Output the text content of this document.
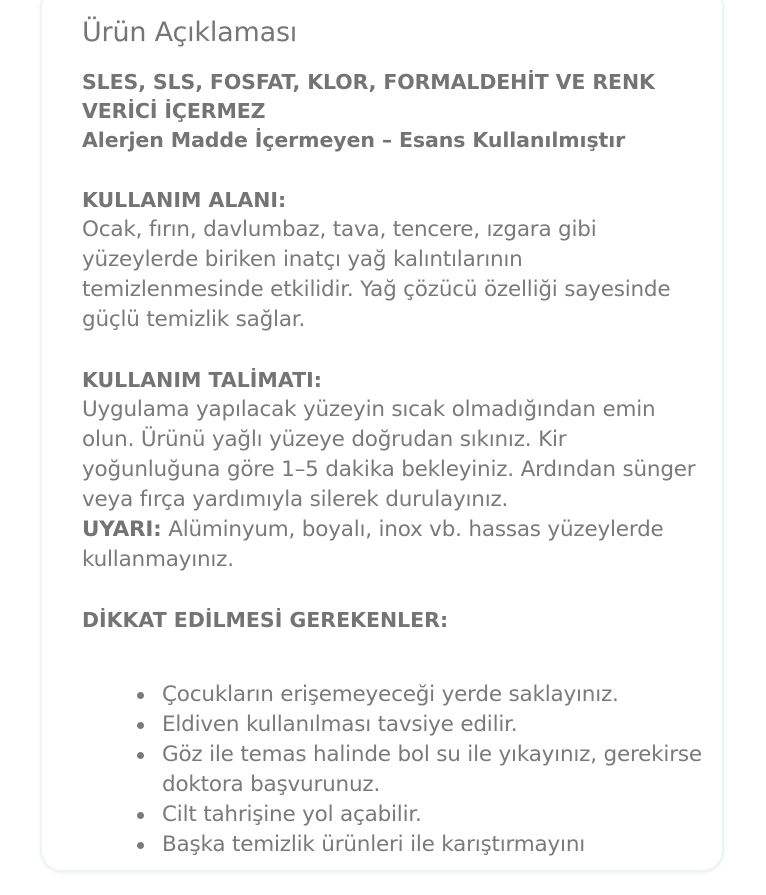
Ürün Açıklaması
SLES, SLS, FOSFAT, KLOR, FORMALDEHİT VE RENK VERİCİ İÇERMEZ
Alerjen Madde İçermeyen – Esans Kullanılmıştır
KULLANIM ALANI:
Ocak, fırın, davlumbaz, tava, tencere, ızgara gibi yüzeylerde biriken inatçı yağ kalıntılarının temizlenmesinde etkilidir. Yağ çözücü özelliği sayesinde güçlü temizlik sağlar.
KULLANIM TALİMATI:
Uygulama yapılacak yüzeyin sıcak olmadığından emin olun. Ürünü yağlı yüzeye doğrudan sıkınız. Kir yoğunluğuna göre 1–5 dakika bekleyiniz. Ardından sünger veya fırça yardımıyla silerek durulayınız.
UYARI: Alüminyum, boyalı, inox vb. hassas yüzeylerde kullanmayınız.
DİKKAT EDİLMESİ GEREKENLER:
Çocukların erişemeyeceği yerde saklayınız.
Eldiven kullanılması tavsiye edilir.
Göz ile temas halinde bol su ile yıkayınız, gerekirse doktora başvurunuz.
Cilt tahrişine yol açabilir.
Başka temizlik ürünleri ile karıştırmayını
